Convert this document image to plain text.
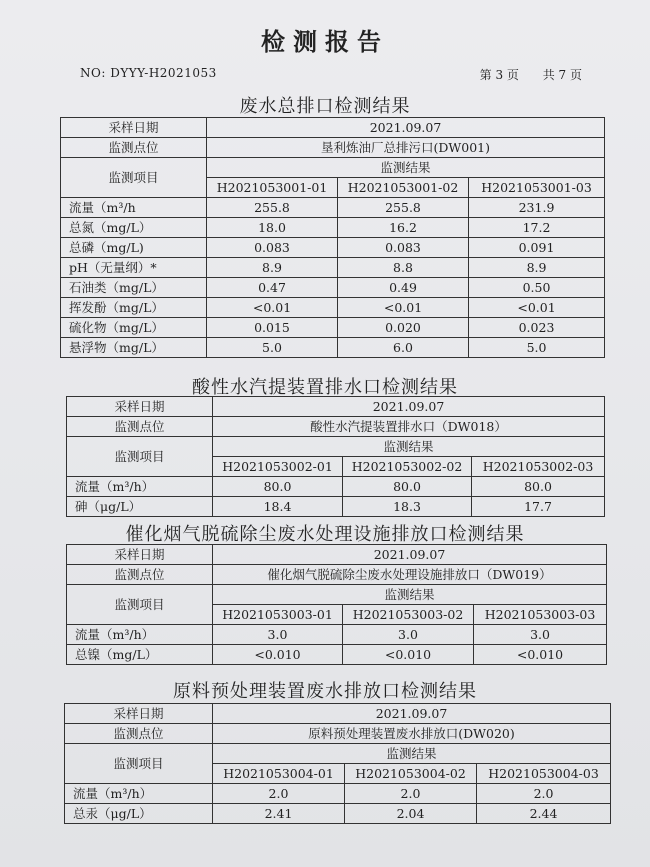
检测报告
NO: DYYY-H2021053	第 3 页 共 7 页
废水总排口检测结果
采样日期	2021.09.07		
监测点位	垦利炼油厂总排污口(DW001)		
监测项目	监测结果		
	H2021053001-01	H2021053001-02	H2021053001-03
流量（m³/h	255.8	255.8	231.9
总氮（mg/L）	18.0	16.2	17.2
总磷（mg/L)	0.083	0.083	0.091
pH（无量纲）*	8.9	8.8	8.9
石油类（mg/L）	0.47	0.49	0.50
挥发酚（mg/L）	<0.01	<0.01	<0.01
硫化物（mg/L）	0.015	0.020	0.023
悬浮物（mg/L）	5.0	6.0	5.0
酸性水汽提装置排水口检测结果
采样日期	2021.09.07		
监测点位	酸性水汽提装置排水口（DW018）		
监测项目	监测结果		
	H2021053002-01	H2021053002-02	H2021053002-03
流量（m³/h）	80.0	80.0	80.0
砷（μg/L）	18.4	18.3	17.7
催化烟气脱硫除尘废水处理设施排放口检测结果
采样日期	2021.09.07		
监测点位	催化烟气脱硫除尘废水处理设施排放口（DW019）		
监测项目	监测结果		
	H2021053003-01	H2021053003-02	H2021053003-03
流量（m³/h）	3.0	3.0	3.0
总镍（mg/L）	<0.010	<0.010	<0.010
原料预处理装置废水排放口检测结果
采样日期	2021.09.07		
监测点位	原料预处理装置废水排放口(DW020)		
监测项目	监测结果		
	H2021053004-01	H2021053004-02	H2021053004-03
流量（m³/h）	2.0	2.0	2.0
总汞（μg/L）	2.41	2.04	2.44
